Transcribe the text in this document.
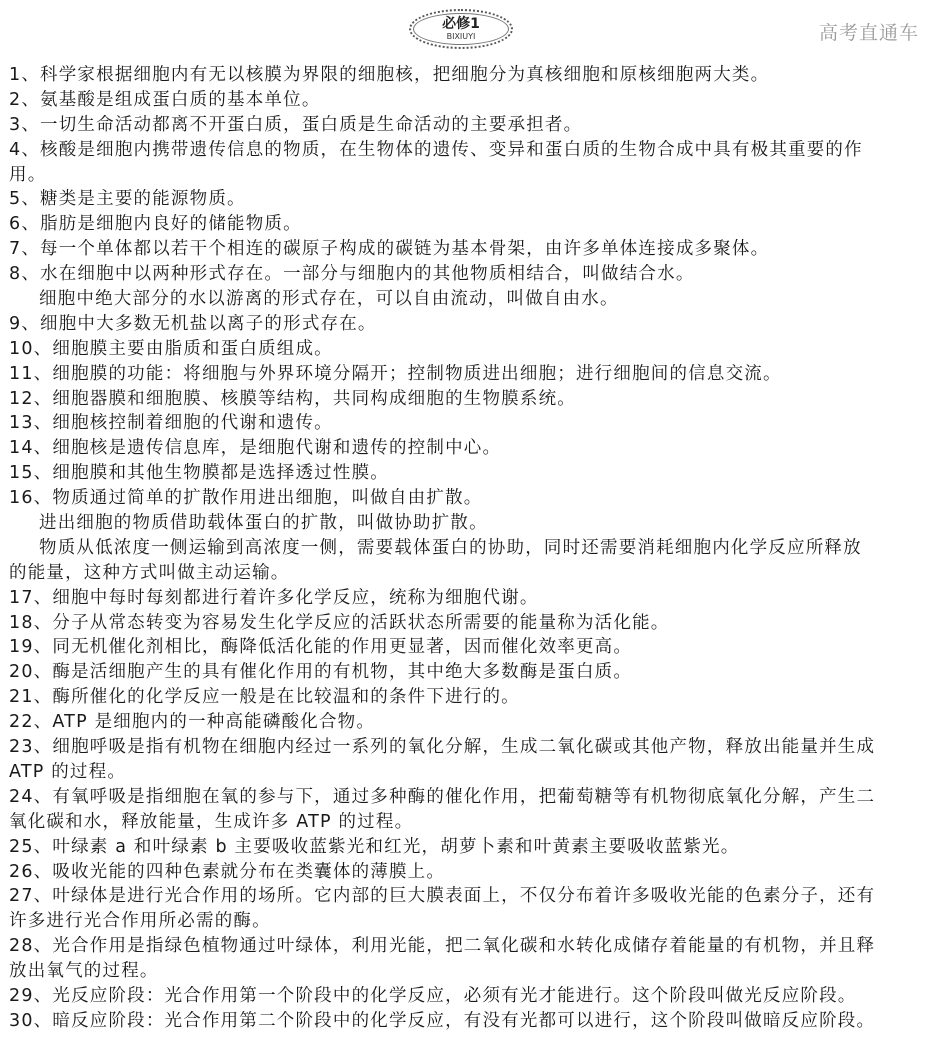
必修1
BIXIUYI
1、科学家根据细胞内有无以核膜为界限的细胞核，把细胞分为真核细胞和原核细胞两大类。
2、氨基酸是组成蛋白质的基本单位。
3、一切生命活动都离不开蛋白质，蛋白质是生命活动的主要承担者。
4、核酸是细胞内携带遗传信息的物质，在生物体的遗传、变异和蛋白质的生物合成中具有极其重要的作
用。
5、糖类是主要的能源物质。
6、脂肪是细胞内良好的储能物质。
7、每一个单体都以若干个相连的碳原子构成的碳链为基本骨架，由许多单体连接成多聚体。
8、水在细胞中以两种形式存在。一部分与细胞内的其他物质相结合，叫做结合水。
细胞中绝大部分的水以游离的形式存在，可以自由流动，叫做自由水。
9、细胞中大多数无机盐以离子的形式存在。
10、细胞膜主要由脂质和蛋白质组成。
11、细胞膜的功能：将细胞与外界环境分隔开；控制物质进出细胞；进行细胞间的信息交流。
12、细胞器膜和细胞膜、核膜等结构，共同构成细胞的生物膜系统。
13、细胞核控制着细胞的代谢和遗传。
14、细胞核是遗传信息库，是细胞代谢和遗传的控制中心。
15、细胞膜和其他生物膜都是选择透过性膜。
16、物质通过简单的扩散作用进出细胞，叫做自由扩散。
进出细胞的物质借助载体蛋白的扩散，叫做协助扩散。
物质从低浓度一侧运输到高浓度一侧，需要载体蛋白的协助，同时还需要消耗细胞内化学反应所释放
的能量，这种方式叫做主动运输。
17、细胞中每时每刻都进行着许多化学反应，统称为细胞代谢。
18、分子从常态转变为容易发生化学反应的活跃状态所需要的能量称为活化能。
19、同无机催化剂相比，酶降低活化能的作用更显著，因而催化效率更高。
20、酶是活细胞产生的具有催化作用的有机物，其中绝大多数酶是蛋白质。
21、酶所催化的化学反应一般是在比较温和的条件下进行的。
22、ATP 是细胞内的一种高能磷酸化合物。
23、细胞呼吸是指有机物在细胞内经过一系列的氧化分解，生成二氧化碳或其他产物，释放出能量并生成
ATP 的过程。
24、有氧呼吸是指细胞在氧的参与下，通过多种酶的催化作用，把葡萄糖等有机物彻底氧化分解，产生二
氧化碳和水，释放能量，生成许多 ATP 的过程。
25、叶绿素 a 和叶绿素 b 主要吸收蓝紫光和红光，胡萝卜素和叶黄素主要吸收蓝紫光。
26、吸收光能的四种色素就分布在类囊体的薄膜上。
27、叶绿体是进行光合作用的场所。它内部的巨大膜表面上，不仅分布着许多吸收光能的色素分子，还有
许多进行光合作用所必需的酶。
28、光合作用是指绿色植物通过叶绿体，利用光能，把二氧化碳和水转化成储存着能量的有机物，并且释
放出氧气的过程。
29、光反应阶段：光合作用第一个阶段中的化学反应，必须有光才能进行。这个阶段叫做光反应阶段。
30、暗反应阶段：光合作用第二个阶段中的化学反应，有没有光都可以进行，这个阶段叫做暗反应阶段。
高考直通车
